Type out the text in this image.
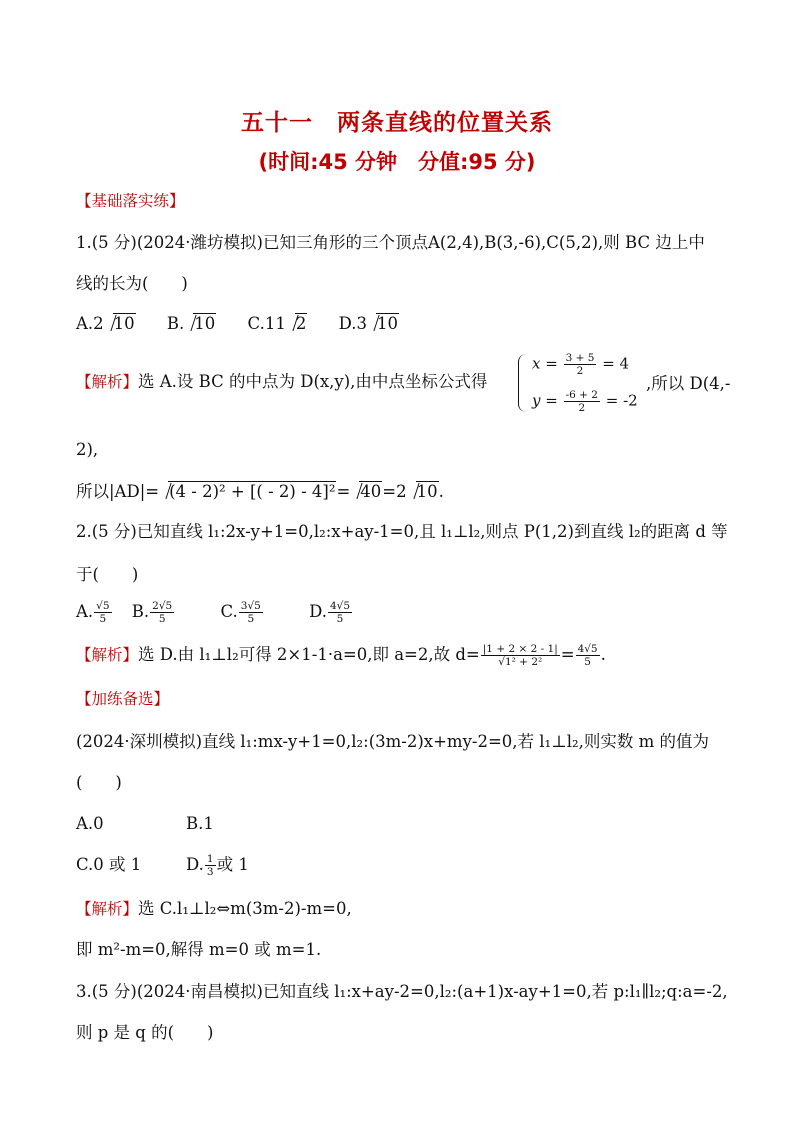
五十一　两条直线的位置关系
(时间:45 分钟　分值:95 分)
【基础落实练】
1.(5 分)(2024·潍坊模拟)已知三角形的三个顶点A(2,4),B(3,-6),C(5,2),则 BC 边上中
线的长为(　　)
A.2 10 B. 10 C.11 2 D.3 10
【解析】选 A.设 BC 的中点为 D(x,y),由中点坐标公式得
$x = \frac{3 + 5}{2} = 4$
$y = \frac{-6 + 2}{2} = -2$
,所以 D(4,-
2),
所以|AD|= (4 - 2)² + [( - 2) - 4]²= 40=2 10.
2.(5 分)已知直线 l₁:2x-y+1=0,l₂:x+ay-1=0,且 l₁⊥l₂,则点 P(1,2)到直线 l₂的距离 d 等
于(　　)
A. $\frac{√5}{5} B$. $\frac{2√5}{5}$	C. $\frac{3√5}{5}$	D. $\frac{4√5}{5}$
【解析】选 D.由 l₁⊥l₂可得 2×1-1·a=0,即 a=2,故 $d= \frac{|1 + 2 \times 2 - 1|}{\text{√1² + 2²}} = \frac{4√5}{5}$ .
【加练备选】
(2024·深圳模拟)直线 l₁:mx-y+1=0,l₂:(3m-2)x+my-2=0,若 l₁⊥l₂,则实数 m 的值为
(　　)
A.0	B.1
C.0 或 1	D. $\frac{1}{3}$ 或 1
【解析】选 C.l₁⊥l₂⇔m(3m-2)-m=0,
即 m²-m=0,解得 m=0 或 m=1.
3.(5 分)(2024·南昌模拟)已知直线 l₁:x+ay-2=0,l₂:(a+1)x-ay+1=0,若 p:l₁∥l₂;q:a=-2,
则 p 是 q 的(　　)
